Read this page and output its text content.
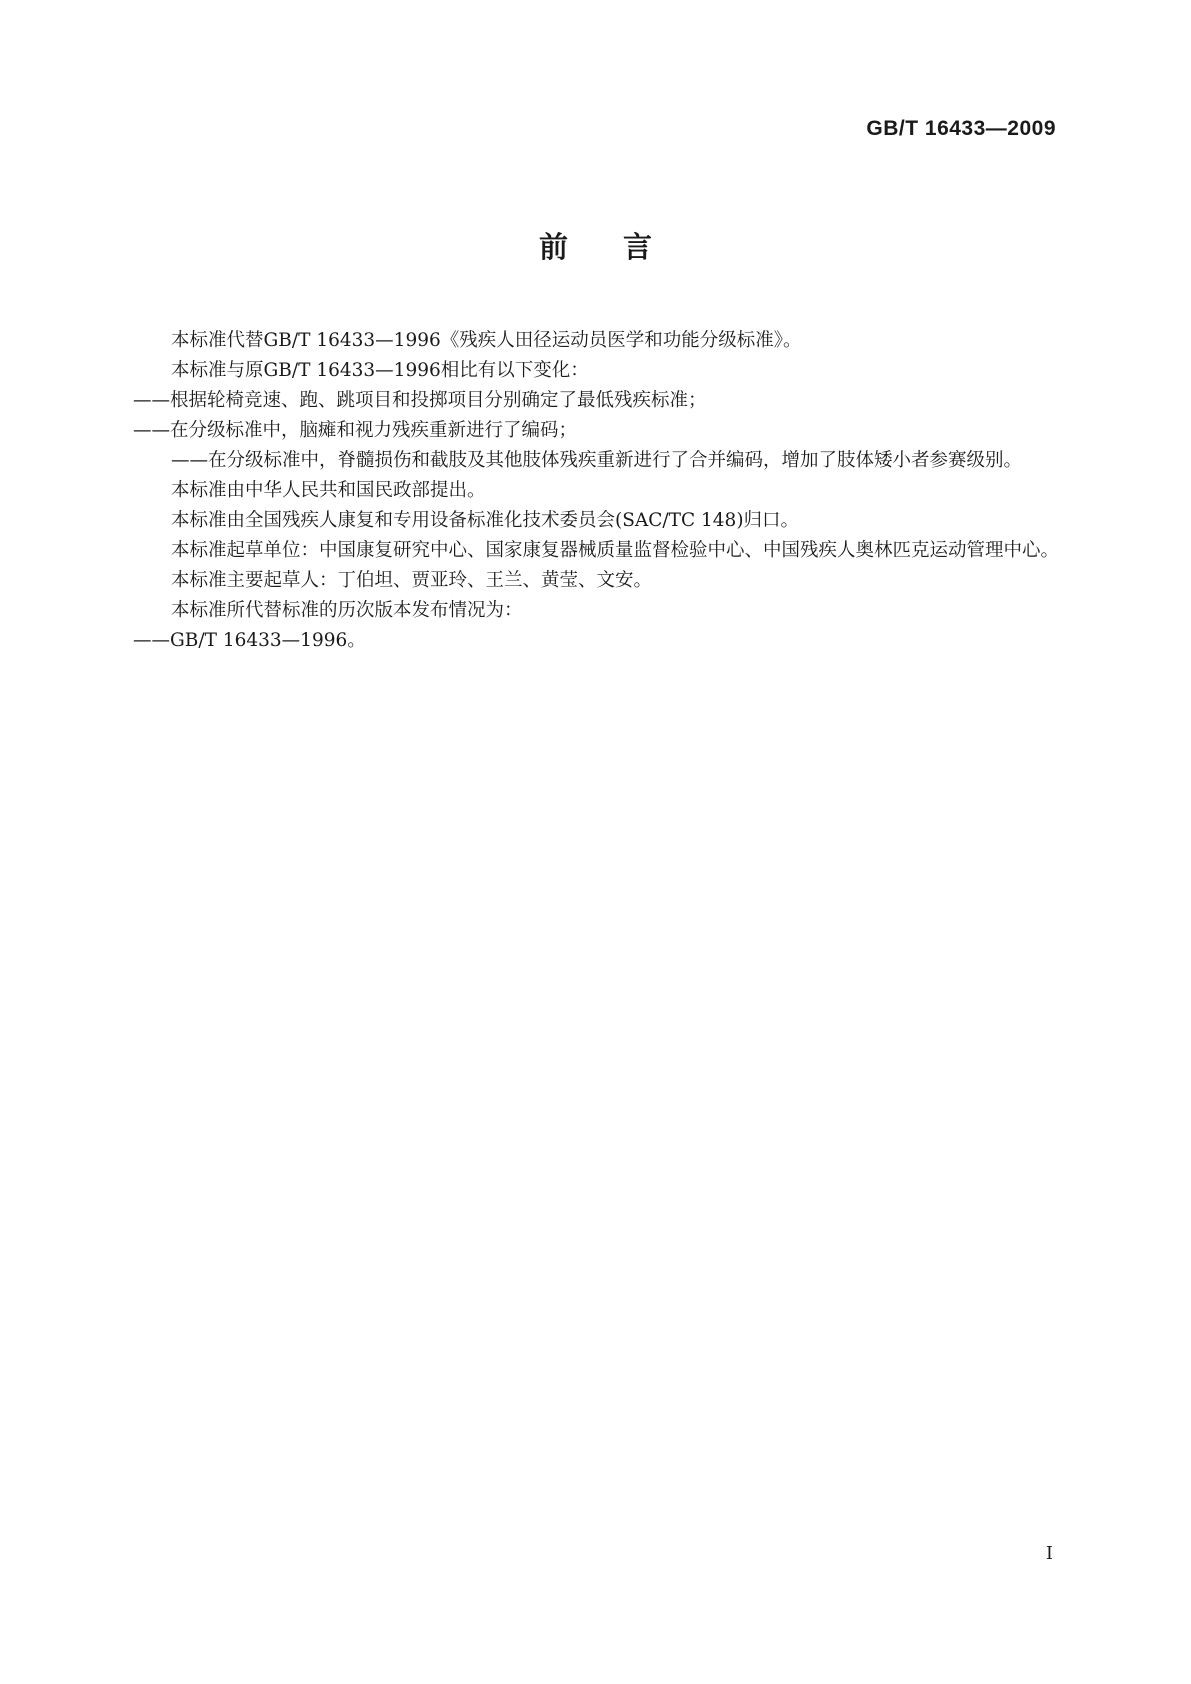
GB/T 16433—2009
前言

本标准代替GB/T 16433—1996《残疾人田径运动员医学和功能分级标准》。

本标准与原GB/T 16433—1996相比有以下变化：

——根据轮椅竞速、跑、跳项目和投掷项目分别确定了最低残疾标准；

——在分级标准中，脑瘫和视力残疾重新进行了编码；

——在分级标准中，脊髓损伤和截肢及其他肢体残疾重新进行了合并编码，增加了肢体矮小者参赛级别。

本标准由中华人民共和国民政部提出。

本标准由全国残疾人康复和专用设备标准化技术委员会(SAC/TC 148)归口。

本标准起草单位：中国康复研究中心、国家康复器械质量监督检验中心、中国残疾人奥林匹克运动管理中心。

本标准主要起草人：丁伯坦、贾亚玲、王兰、黄莹、文安。

本标准所代替标准的历次版本发布情况为：

——GB/T 16433—1996。

I
